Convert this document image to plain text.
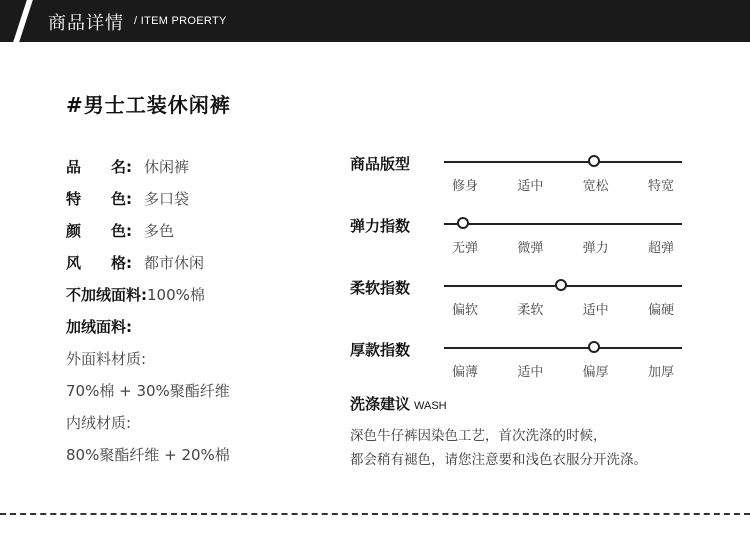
商品详情 / ITEM PROERTY
#男士工装休闲裤
品 名: 休闲裤
特 色: 多口袋
颜 色: 多色
风 格: 都市休闲
不加绒面料: 100%棉
加绒面料:
外面料材质:
70%棉 + 30%聚酯纤维
内绒材质:
80%聚酯纤维 + 20%棉
商品版型
修身	适中	宽松	特宽
弹力指数
无弹	微弹	弹力	超弹
柔软指数
偏软	柔软	适中	偏硬
厚款指数
偏薄	适中	偏厚	加厚
洗涤建议 WASH
深色牛仔裤因染色工艺，首次洗涤的时候，
都会稍有褪色，请您注意要和浅色衣服分开洗涤。
